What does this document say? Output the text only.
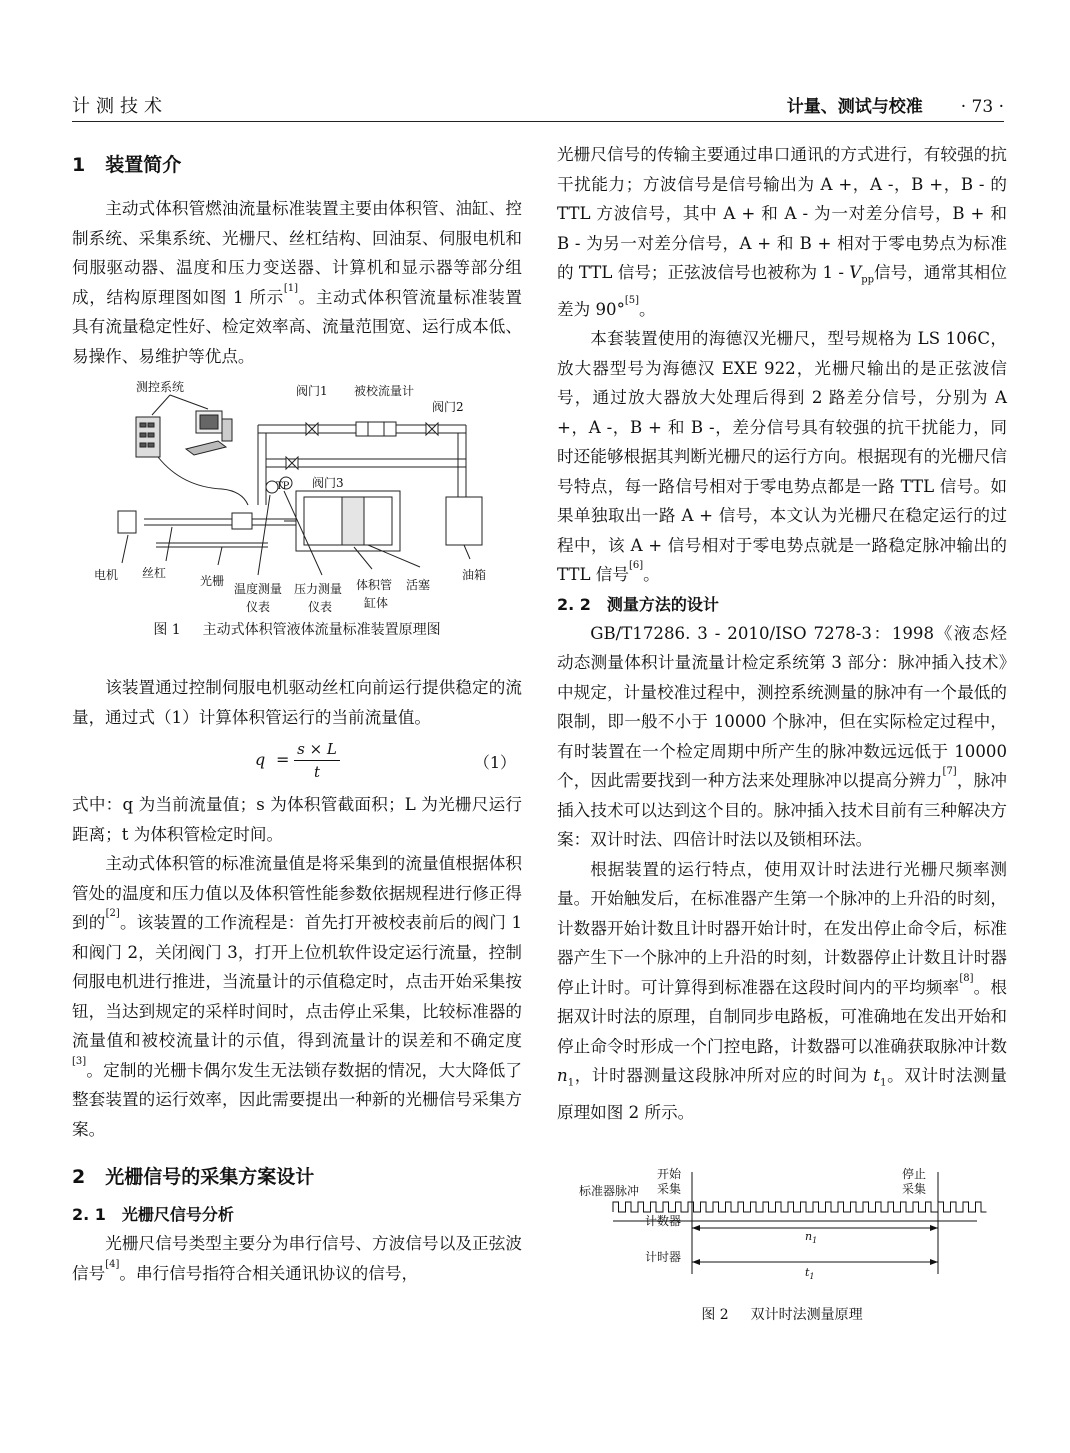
计测技术	计量、测试与校准 · 73 ·
1 装置简介
主动式体积管燃油流量标准装置主要由体积管、油缸、控制系统、采集系统、光栅尺、丝杠结构、回油泵、伺服电机和伺服驱动器、温度和压力变送器、计算机和显示器等部分组成，结构原理图如图 1 所示[1]。主动式体积管流量标准装置具有流量稳定性好、检定效率高、流量范围宽、运行成本低、易操作、易维护等优点。
测控系统	阀门1 被校流量计
阀门2
阀门3
TP
电机 丝杠
光栅
温度测量
仪表
压力测量
仪表
体积管
缸体
活塞
油箱
图 1 主动式体积管液体流量标准装置原理图
该装置通过控制伺服电机驱动丝杠向前运行提供稳定的流量，通过式（1）计算体积管运行的当前流量值。
$q = \frac{s \times L}{t}$	（1）
式中：q 为当前流量值；s 为体积管截面积；L 为光栅尺运行距离；t 为体积管检定时间。
主动式体积管的标准流量值是将采集到的流量值根据体积管处的温度和压力值以及体积管性能参数依据规程进行修正得到的[2]。该装置的工作流程是：首先打开被校表前后的阀门 1 和阀门 2，关闭阀门 3，打开上位机软件设定运行流量，控制伺服电机进行推进，当流量计的示值稳定时，点击开始采集按钮，当达到规定的采样时间时，点击停止采集，比较标准器的流量值和被校流量计的示值，得到流量计的误差和不确定度[3]。定制的光栅卡偶尔发生无法锁存数据的情况，大大降低了整套装置的运行效率，因此需要提出一种新的光栅信号采集方案。
2 光栅信号的采集方案设计
2. 1 光栅尺信号分析
光栅尺信号类型主要分为串行信号、方波信号以及正弦波信号[4]。串行信号指符合相关通讯协议的信号，
光栅尺信号的传输主要通过串口通讯的方式进行，有较强的抗干扰能力；方波信号是信号输出为 A +，A -，B +，B - 的 TTL 方波信号，其中 A + 和 A - 为一对差分信号，B + 和 B - 为另一对差分信号，A + 和 B + 相对于零电势点为标准的 TTL 信号；正弦波信号也被称为 $1 - V_{pp}$信号，通常其相位差为 90°[5]。
本套装置使用的海德汉光栅尺，型号规格为 LS 106C，放大器型号为海德汉 EXE 922，光栅尺输出的是正弦波信号，通过放大器放大处理后得到 2 路差分信号，分别为 A +，A -，B + 和 B -，差分信号具有较强的抗干扰能力，同时还能够根据其判断光栅尺的运行方向。根据现有的光栅尺信号特点，每一路信号相对于零电势点都是一路 TTL 信号。如果单独取出一路 A + 信号，本文认为光栅尺在稳定运行的过程中，该 A + 信号相对于零电势点就是一路稳定脉冲输出的 TTL 信号[6]。
2. 2 测量方法的设计
GB/T17286. 3 - 2010/ISO 7278-3：1998《液态烃动态测量体积计量流量计检定系统第 3 部分：脉冲插入技术》中规定，计量校准过程中，测控系统测量的脉冲有一个最低的限制，即一般不小于 10000 个脉冲，但在实际检定过程中，有时装置在一个检定周期中所产生的脉冲数远远低于 10000 个，因此需要找到一种方法来处理脉冲以提高分辨力[7]，脉冲插入技术可以达到这个目的。脉冲插入技术目前有三种解决方案：双计时法、四倍计时法以及锁相环法。
根据装置的运行特点，使用双计时法进行光栅尺频率测量。开始触发后，在标准器产生第一个脉冲的上升沿的时刻，计数器开始计数且计时器开始计时，在发出停止命令后，标准器产生下一个脉冲的上升沿的时刻，计数器停止计数且计时器停止计时。可计算得到标准器在这段时间内的平均频率[8]。根据双计时法的原理，自制同步电路板，可准确地在发出开始和停止命令时形成一个门控电路，计数器可以准确获取脉冲计数 $n_1$，计时器测量这段脉冲所对应的时间为 $t_1$。双计时法测量原理如图 2 所示。
标准器脉冲
开始
采集
停止
采集
计数器
计时器
$n_1$
$t_1$
图 2 双计时法测量原理
